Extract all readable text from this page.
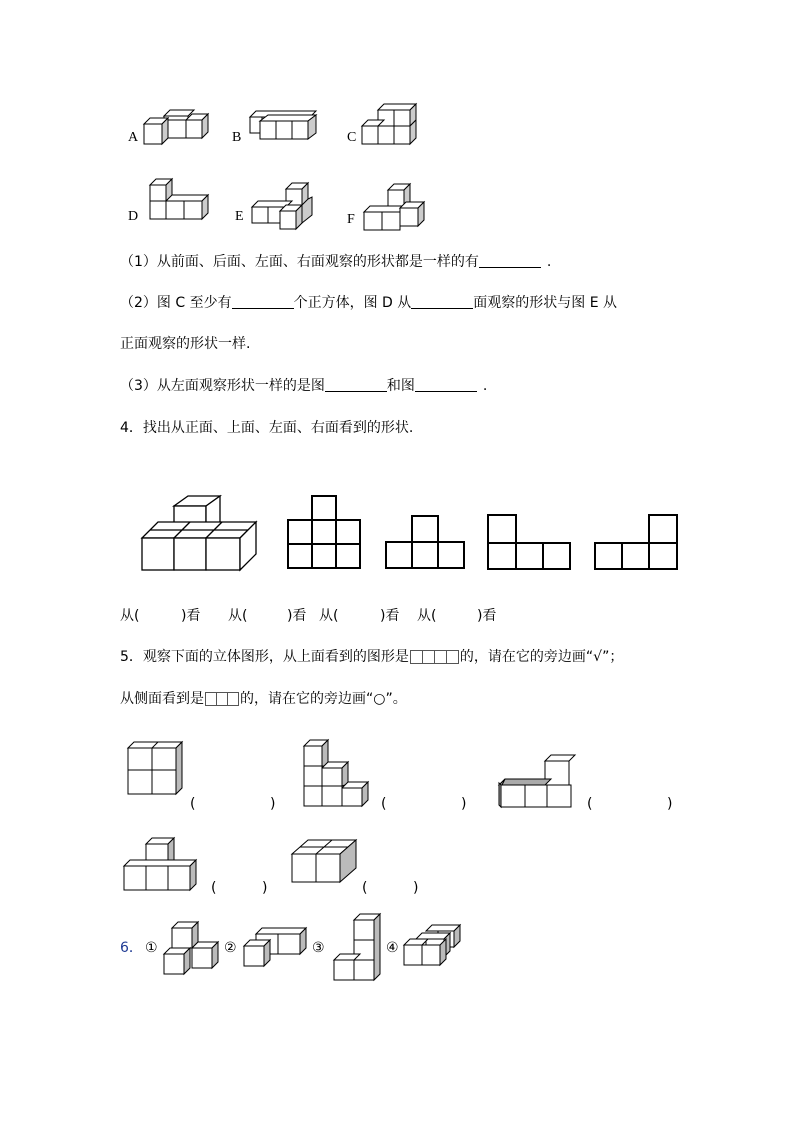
A	B	C
D	E	F
（1）从前面、后面、左面、右面观察的形状都是一样的有	.
（2）图 C 至少有	个正方体，图 D 从	面观察的形状与图 E 从
正面观察的形状一样.
（3）从左面观察形状一样的是图	和图	.
4．找出从正面、上面、左面、右面看到的形状.
从(	)看 从(	)看 从(	)看 从(	)看
5．观察下面的立体图形，从上面看到的图形是	的，请在它的旁边画“√”；
从侧面看到是	的，请在它的旁边画“○”。
(	)	(	)	(	)
(	)	(	)
6． ①	②	③	④
